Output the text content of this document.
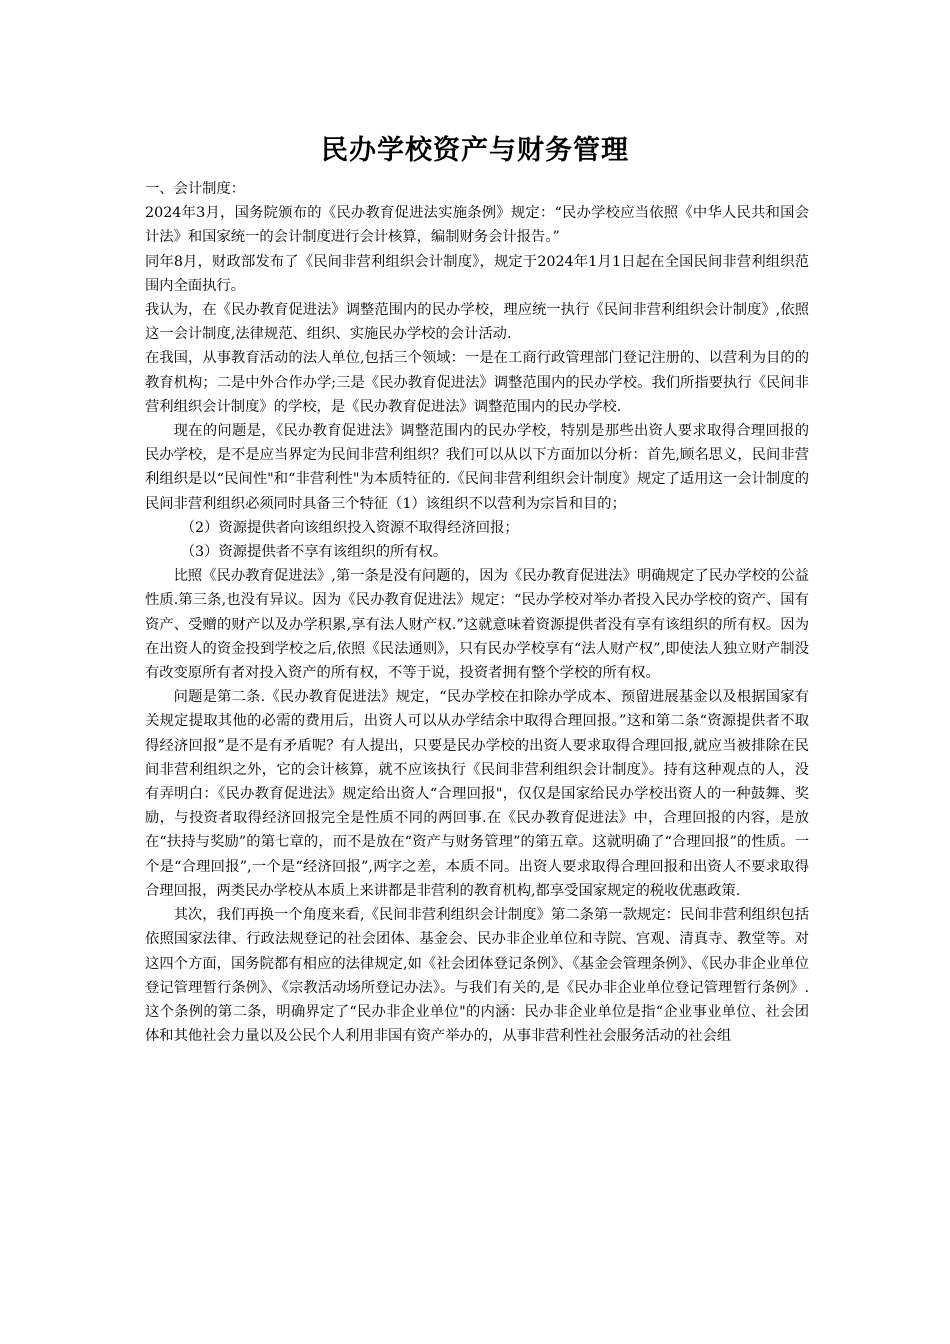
民办学校资产与财务管理

一、会计制度：

2024年3月，国务院颁布的《民办教育促进法实施条例》规定：“民办学校应当依照《中华人民共和国会计法》和国家统一的会计制度进行会计核算，编制财务会计报告。”

同年8月，财政部发布了《民间非营利组织会计制度》，规定于2024年1月1日起在全国民间非营利组织范围内全面执行。

我认为，在《民办教育促进法》调整范围内的民办学校，理应统一执行《民间非营利组织会计制度》,依照这一会计制度,法律规范、组织、实施民办学校的会计活动.

在我国，从事教育活动的法人单位,包括三个领域：一是在工商行政管理部门登记注册的、以营利为目的的教育机构；二是中外合作办学;三是《民办教育促进法》调整范围内的民办学校。我们所指要执行《民间非营利组织会计制度》的学校，是《民办教育促进法》调整范围内的民办学校.

现在的问题是，《民办教育促进法》调整范围内的民办学校，特别是那些出资人要求取得合理回报的民办学校，是不是应当界定为民间非营利组织？我们可以从以下方面加以分析：首先,顾名思义，民间非营利组织是以“民间性"和“非营利性"为本质特征的.《民间非营利组织会计制度》规定了适用这一会计制度的民间非营利组织必须同时具备三个特征（1）该组织不以营利为宗旨和目的；

（2）资源提供者向该组织投入资源不取得经济回报；

（3）资源提供者不享有该组织的所有权。

比照《民办教育促进法》,第一条是没有问题的，因为《民办教育促进法》明确规定了民办学校的公益性质.第三条,也没有异议。因为《民办教育促进法》规定：“民办学校对举办者投入民办学校的资产、国有资产、受赠的财产以及办学积累,享有法人财产权.”这就意味着资源提供者没有享有该组织的所有权。因为在出资人的资金投到学校之后,依照《民法通则》，只有民办学校享有“法人财产权”,即使法人独立财产制没有改变原所有者对投入资产的所有权，不等于说，投资者拥有整个学校的所有权。

问题是第二条.《民办教育促进法》规定，“民办学校在扣除办学成本、预留进展基金以及根据国家有关规定提取其他的必需的费用后，出资人可以从办学结余中取得合理回报。”这和第二条“资源提供者不取得经济回报”是不是有矛盾呢？有人提出，只要是民办学校的出资人要求取得合理回报,就应当被排除在民间非营利组织之外，它的会计核算，就不应该执行《民间非营利组织会计制度》。持有这种观点的人，没有弄明白：《民办教育促进法》规定给出资人“合理回报"，仅仅是国家给民办学校出资人的一种鼓舞、奖励，与投资者取得经济回报完全是性质不同的两回事.在《民办教育促进法》中，合理回报的内容，是放在“扶持与奖励”的第七章的，而不是放在“资产与财务管理”的第五章。这就明确了“合理回报”的性质。一个是“合理回报”,一个是“经济回报”,两字之差，本质不同。出资人要求取得合理回报和出资人不要求取得合理回报，两类民办学校从本质上来讲都是非营利的教育机构,都享受国家规定的税收优惠政策.

其次，我们再换一个角度来看,《民间非营利组织会计制度》第二条第一款规定：民间非营利组织包括依照国家法律、行政法规登记的社会团体、基金会、民办非企业单位和寺院、宫观、清真寺、教堂等。对这四个方面，国务院都有相应的法律规定,如《社会团体登记条例》、《基金会管理条例》、《民办非企业单位登记管理暂行条例》、《宗教活动场所登记办法》。与我们有关的,是《民办非企业单位登记管理暂行条例》.这个条例的第二条，明确界定了“民办非企业单位"的内涵：民办非企业单位是指“企业事业单位、社会团体和其他社会力量以及公民个人利用非国有资产举办的，从事非营利性社会服务活动的社会组
